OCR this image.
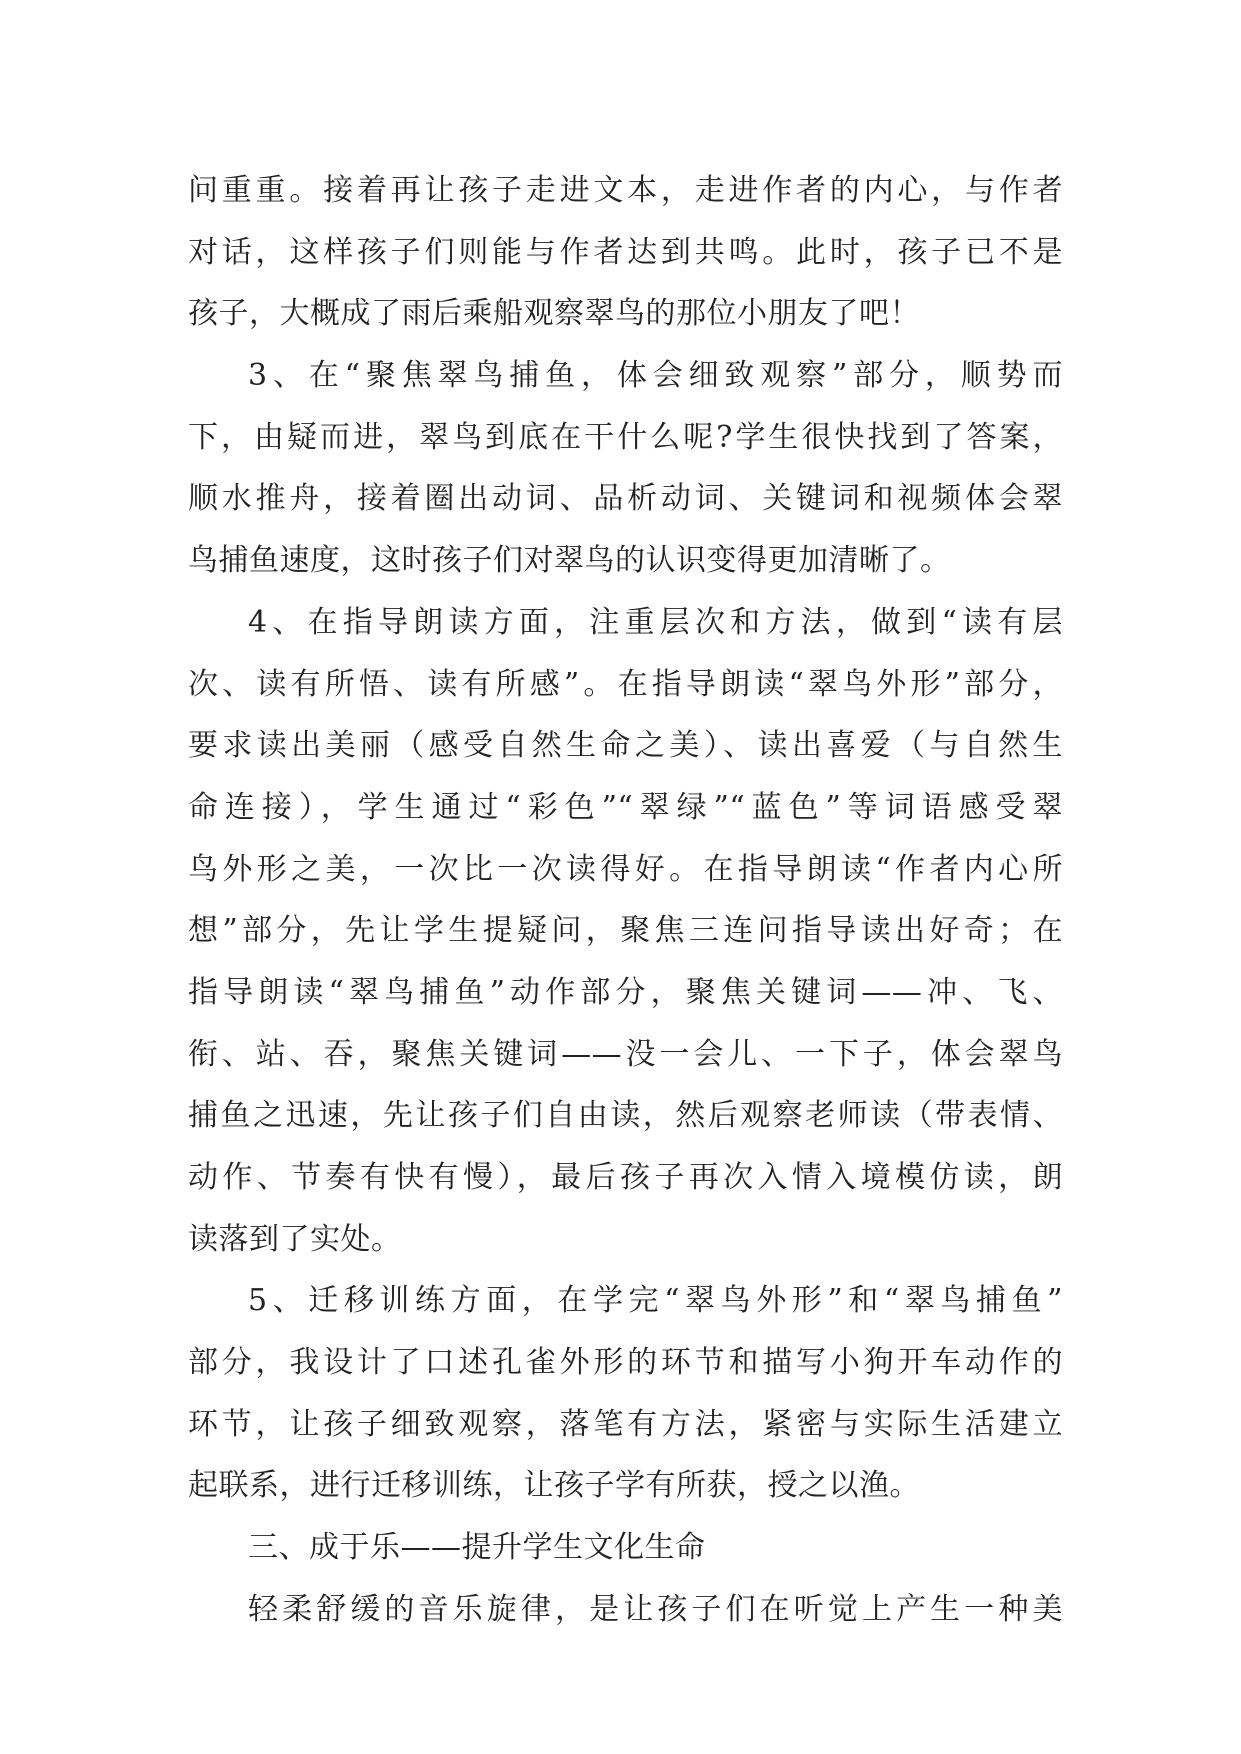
问重重。接着再让孩子走进文本，走进作者的内心，与作者
对话，这样孩子们则能与作者达到共鸣。此时，孩子已不是
孩子，大概成了雨后乘船观察翠鸟的那位小朋友了吧！
3、在“聚焦翠鸟捕鱼，体会细致观察”部分，顺势而
下，由疑而进，翠鸟到底在干什么呢?学生很快找到了答案，
顺水推舟，接着圈出动词、品析动词、关键词和视频体会翠
鸟捕鱼速度，这时孩子们对翠鸟的认识变得更加清晰了。
4、在指导朗读方面，注重层次和方法，做到“读有层
次、读有所悟、读有所感”。在指导朗读“翠鸟外形”部分，
要求读出美丽（感受自然生命之美）、读出喜爱（与自然生
命连接），学生通过“彩色”“翠绿”“蓝色”等词语感受翠
鸟外形之美，一次比一次读得好。在指导朗读“作者内心所
想”部分，先让学生提疑问，聚焦三连问指导读出好奇；在
指导朗读“翠鸟捕鱼”动作部分，聚焦关键词——冲、飞、
衔、站、吞，聚焦关键词——没一会儿、一下子，体会翠鸟
捕鱼之迅速，先让孩子们自由读，然后观察老师读（带表情、
动作、节奏有快有慢），最后孩子再次入情入境模仿读，朗
读落到了实处。
5、迁移训练方面，在学完“翠鸟外形”和“翠鸟捕鱼”
部分，我设计了口述孔雀外形的环节和描写小狗开车动作的
环节，让孩子细致观察，落笔有方法，紧密与实际生活建立
起联系，进行迁移训练，让孩子学有所获，授之以渔。
三、成于乐——提升学生文化生命
轻柔舒缓的音乐旋律，是让孩子们在听觉上产生一种美
